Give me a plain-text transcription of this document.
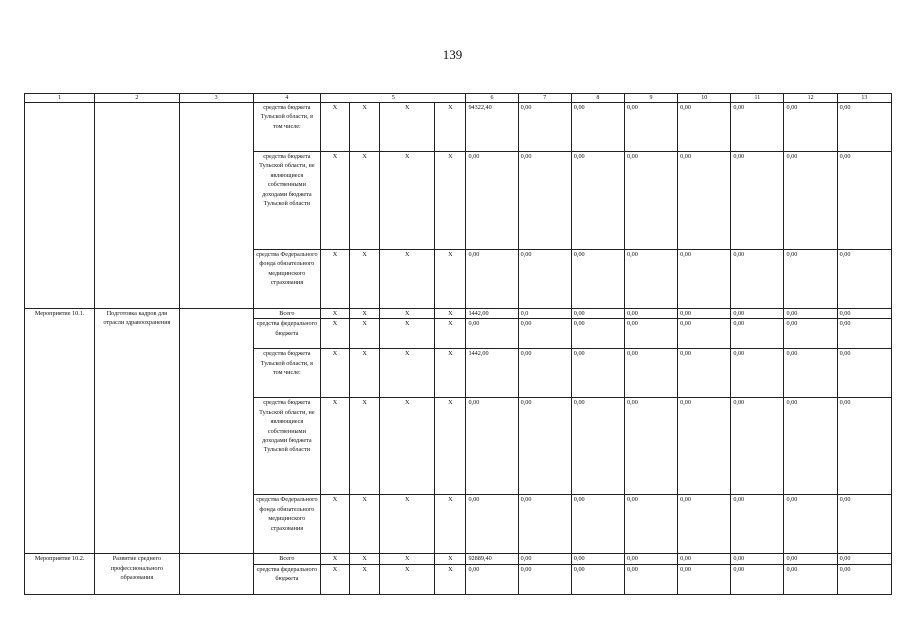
139
1	2	3	4	5				6	7	8	9	10	11	12	13
			средства бюджета Тульской области, в том числе:	X	X	X	X	94322,40	0,00	0,00	0,00	0,00	0,00	0,00	0,00
			средства бюджета Тульской области, не являющиеся собственными доходами бюджета Тульской области	X	X	X	X	0,00	0,00	0,00	0,00	0,00	0,00	0,00	0,00
			средства Федерального фонда обязательного медицинского страхования	X	X	X	X	0,00	0,00	0,00	0,00	0,00	0,00	0,00	0,00
Мероприятие 10.1.	Подготовка кадров для отрасли здравоохранения		Всего	X	X	X	X	1442,00	0,0	0,00	0,00	0,00	0,00	0,00	0,00
			средства федерального бюджета	X	X	X	X	0,00	0,00	0,00	0,00	0,00	0,00	0,00	0,00
			средства бюджета Тульской области, в том числе:	X	X	X	X	1442,00	0,00	0,00	0,00	0,00	0,00	0,00	0,00
			средства бюджета Тульской области, не являющиеся собственными доходами бюджета Тульской области	X	X	X	X	0,00	0,00	0,00	0,00	0,00	0,00	0,00	0,00
			средства Федерального фонда обязательного медицинского страхования	X	X	X	X	0,00	0,00	0,00	0,00	0,00	0,00	0,00	0,00
Мероприятие 10.2.	Развитие среднего профессионального образования		Всего	X	X	X	X	92889,40	0,00	0,00	0,00	0,00	0,00	0,00	0,00
			средства федерального бюджета	X	X	X	X	0,00	0,00	0,00	0,00	0,00	0,00	0,00	0,00
